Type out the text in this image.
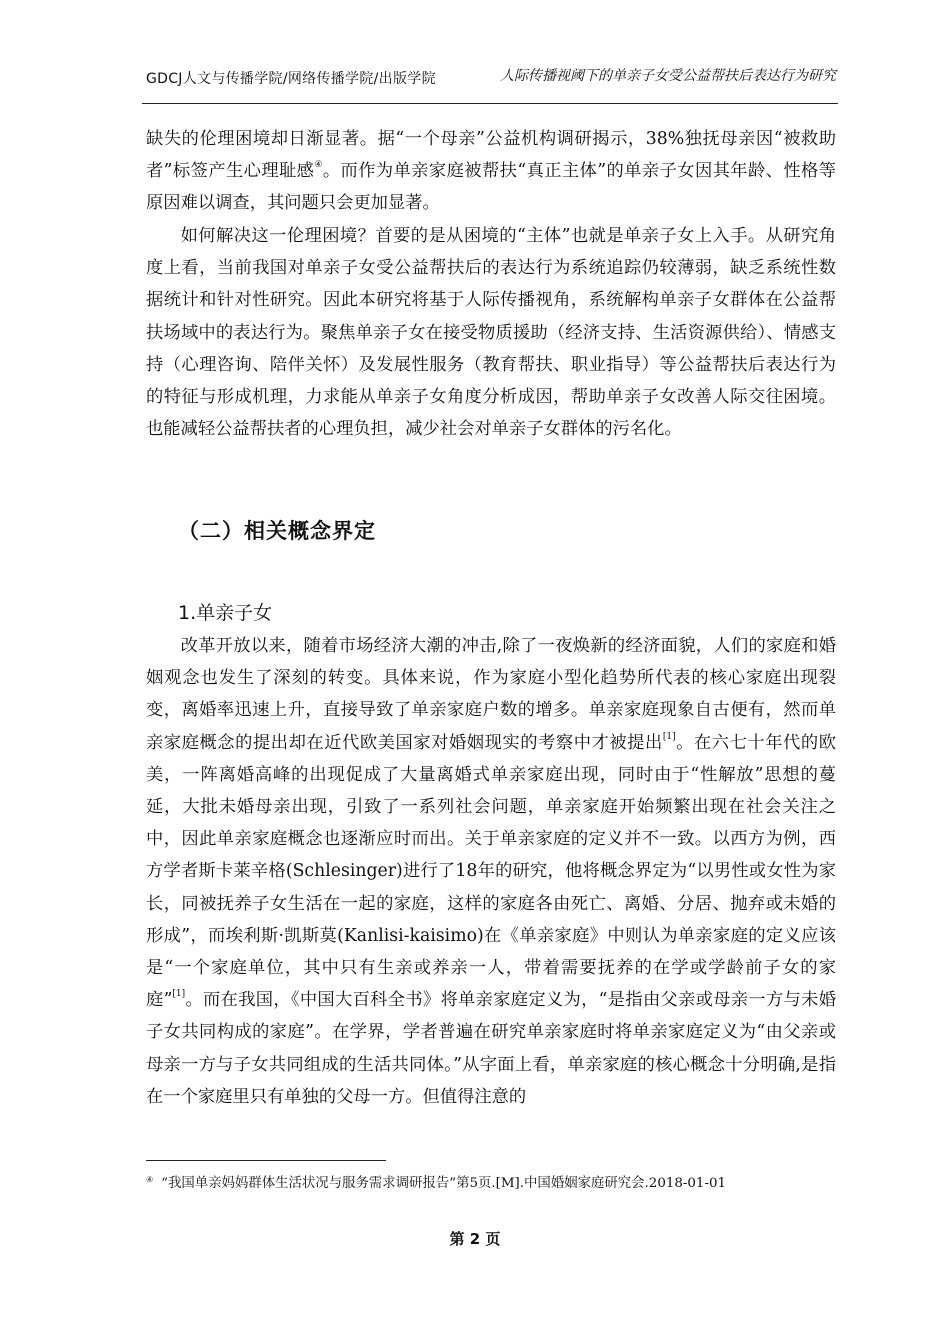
GDCJ人文与传播学院/网络传播学院/出版学院	人际传播视阈下的单亲子女受公益帮扶后表达行为研究

缺失的伦理困境却日渐显著。据“一个母亲”公益机构调研揭示，38%独抚母亲因“被救助者”标签产生心理耻感④。而作为单亲家庭被帮扶“真正主体”的单亲子女因其年龄、性格等原因难以调查，其问题只会更加显著。

如何解决这一伦理困境？首要的是从困境的“主体”也就是单亲子女上入手。从研究角度上看，当前我国对单亲子女受公益帮扶后的表达行为系统追踪仍较薄弱，缺乏系统性数据统计和针对性研究。因此本研究将基于人际传播视角，系统解构单亲子女群体在公益帮扶场域中的表达行为。聚焦单亲子女在接受物质援助（经济支持、生活资源供给）、情感支持（心理咨询、陪伴关怀）及发展性服务（教育帮扶、职业指导）等公益帮扶后表达行为的特征与形成机理，力求能从单亲子女角度分析成因，帮助单亲子女改善人际交往困境。也能减轻公益帮扶者的心理负担，减少社会对单亲子女群体的污名化。

（二）相关概念界定
1.单亲子女

改革开放以来，随着市场经济大潮的冲击,除了一夜焕新的经济面貌，人们的家庭和婚姻观念也发生了深刻的转变。具体来说，作为家庭小型化趋势所代表的核心家庭出现裂变，离婚率迅速上升，直接导致了单亲家庭户数的增多。单亲家庭现象自古便有，然而单亲家庭概念的提出却在近代欧美国家对婚姻现实的考察中才被提出[1]。在六七十年代的欧美，一阵离婚高峰的出现促成了大量离婚式单亲家庭出现，同时由于“性解放”思想的蔓延，大批未婚母亲出现，引致了一系列社会问题，单亲家庭开始频繁出现在社会关注之中，因此单亲家庭概念也逐渐应时而出。关于单亲家庭的定义并不一致。以西方为例，西方学者斯卡莱辛格(Schlesinger)进行了18年的研究，他将概念界定为“以男性或女性为家长，同被抚养子女生活在一起的家庭，这样的家庭各由死亡、离婚、分居、抛弃或未婚的形成”，而埃利斯·凯斯莫(Kanlisi-kaisimo)在《单亲家庭》中则认为单亲家庭的定义应该是“一个家庭单位，其中只有生亲或养亲一人，带着需要抚养的在学或学龄前子女的家庭”[1]。而在我国，《中国大百科全书》将单亲家庭定义为，“是指由父亲或母亲一方与未婚子女共同构成的家庭”。在学界，学者普遍在研究单亲家庭时将单亲家庭定义为“由父亲或母亲一方与子女共同组成的生活共同体。”从字面上看，单亲家庭的核心概念十分明确,是指在一个家庭里只有单独的父母一方。但值得注意的

④ “我国单亲妈妈群体生活状况与服务需求调研报告”第5页.[M].中国婚姻家庭研究会.2018-01-01
第 2 页
